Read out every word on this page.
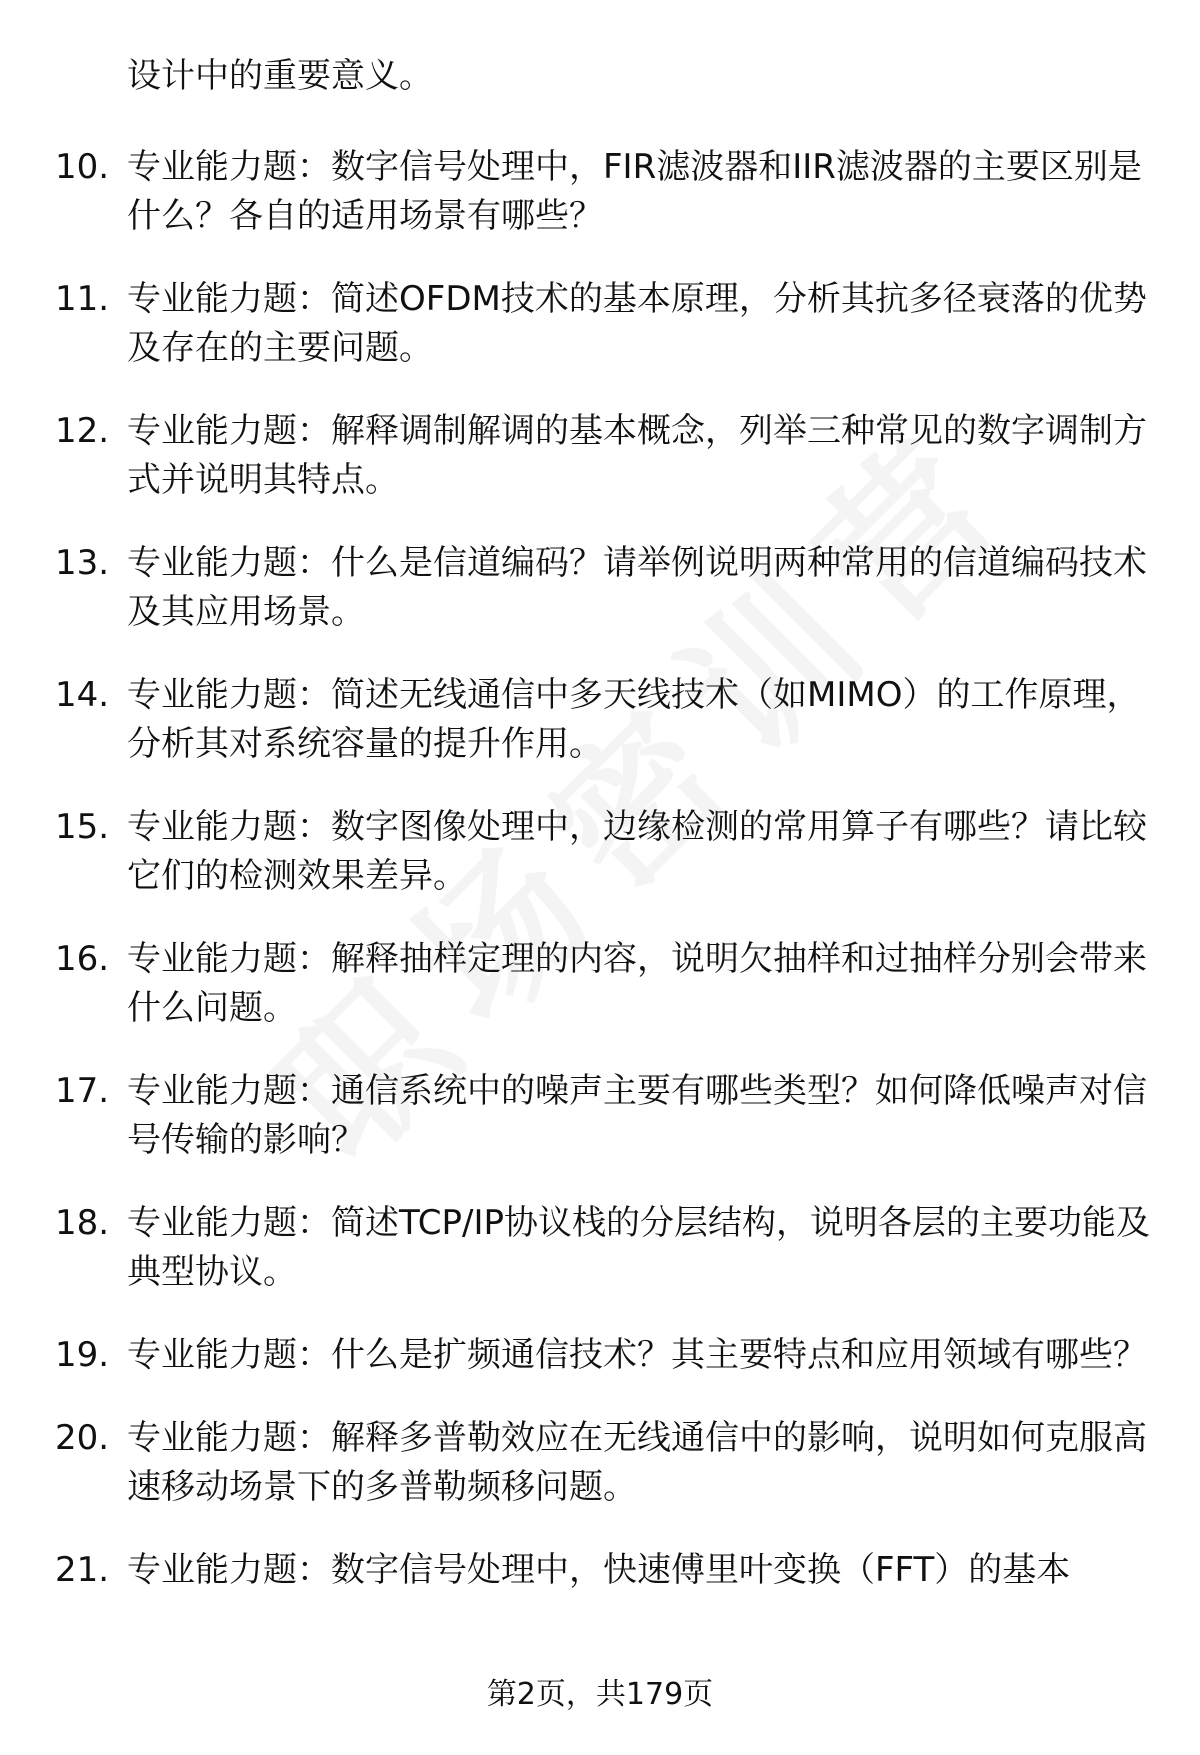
设计中的重要意义。
10. 专业能力题：数字信号处理中，FIR滤波器和IIR滤波器的主要区别是什么？各自的适用场景有哪些？
11. 专业能力题：简述OFDM技术的基本原理，分析其抗多径衰落的优势及存在的主要问题。
12. 专业能力题：解释调制解调的基本概念，列举三种常见的数字调制方式并说明其特点。
13. 专业能力题：什么是信道编码？请举例说明两种常用的信道编码技术及其应用场景。
14. 专业能力题：简述无线通信中多天线技术（如MIMO）的工作原理，分析其对系统容量的提升作用。
15. 专业能力题：数字图像处理中，边缘检测的常用算子有哪些？请比较它们的检测效果差异。
16. 专业能力题：解释抽样定理的内容，说明欠抽样和过抽样分别会带来什么问题。
17. 专业能力题：通信系统中的噪声主要有哪些类型？如何降低噪声对信号传输的影响？
18. 专业能力题：简述TCP/IP协议栈的分层结构，说明各层的主要功能及典型协议。
19. 专业能力题：什么是扩频通信技术？其主要特点和应用领域有哪些？
20. 专业能力题：解释多普勒效应在无线通信中的影响，说明如何克服高速移动场景下的多普勒频移问题。
21. 专业能力题：数字信号处理中，快速傅里叶变换（FFT）的基本
第2页，共179页
